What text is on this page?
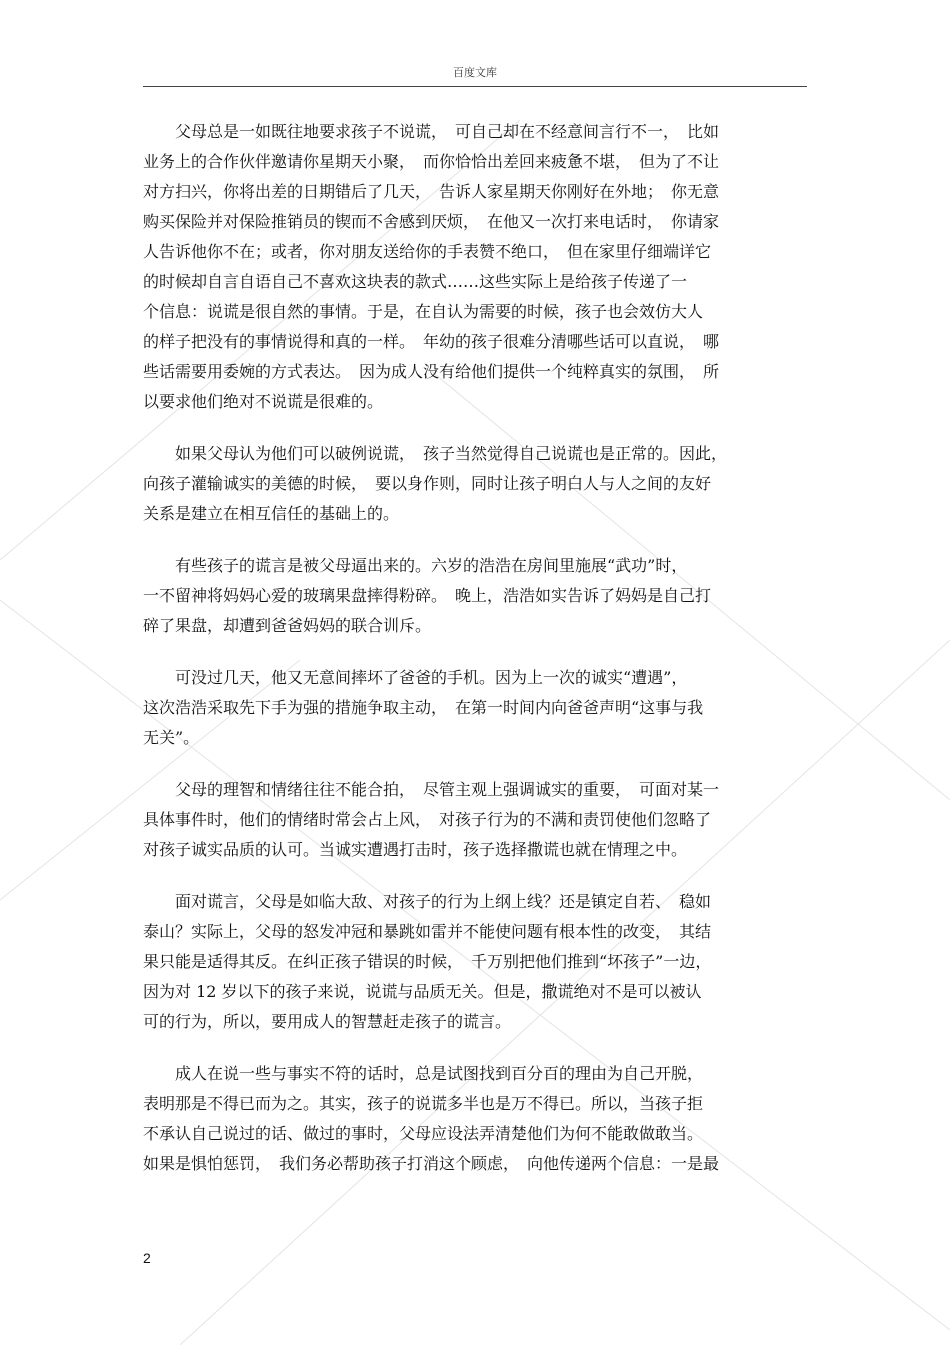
百度文库
　　父母总是一如既往地要求孩子不说谎，　可自己却在不经意间言行不一，　比如
业务上的合作伙伴邀请你星期天小聚，　而你恰恰出差回来疲惫不堪，　但为了不让
对方扫兴，你将出差的日期错后了几天，　告诉人家星期天你刚好在外地；　你无意
购买保险并对保险推销员的锲而不舍感到厌烦，　在他又一次打来电话时，　你请家
人告诉他你不在；或者，你对朋友送给你的手表赞不绝口，　但在家里仔细端详它
的时候却自言自语自己不喜欢这块表的款式……这些实际上是给孩子传递了一
个信息：说谎是很自然的事情。于是，在自认为需要的时候，孩子也会效仿大人
的样子把没有的事情说得和真的一样。　年幼的孩子很难分清哪些话可以直说，　哪
些话需要用委婉的方式表达。　因为成人没有给他们提供一个纯粹真实的氛围，　所
以要求他们绝对不说谎是很难的。
　　如果父母认为他们可以破例说谎，　孩子当然觉得自己说谎也是正常的。因此，
向孩子灌输诚实的美德的时候，　要以身作则，同时让孩子明白人与人之间的友好
关系是建立在相互信任的基础上的。
　　有些孩子的谎言是被父母逼出来的。六岁的浩浩在房间里施展“武功”时，
一不留神将妈妈心爱的玻璃果盘摔得粉碎。　晚上，浩浩如实告诉了妈妈是自己打
碎了果盘，却遭到爸爸妈妈的联合训斥。
　　可没过几天，他又无意间摔坏了爸爸的手机。因为上一次的诚实“遭遇”，
这次浩浩采取先下手为强的措施争取主动，　在第一时间内向爸爸声明“这事与我
无关”。
　　父母的理智和情绪往往不能合拍，　尽管主观上强调诚实的重要，　可面对某一
具体事件时，他们的情绪时常会占上风，　对孩子行为的不满和责罚使他们忽略了
对孩子诚实品质的认可。当诚实遭遇打击时，孩子选择撒谎也就在情理之中。
　　面对谎言，父母是如临大敌、对孩子的行为上纲上线？还是镇定自若、　稳如
泰山？实际上，父母的怒发冲冠和暴跳如雷并不能使问题有根本性的改变，　其结
果只能是适得其反。在纠正孩子错误的时候，　千万别把他们推到“坏孩子”一边，
因为对 12 岁以下的孩子来说，说谎与品质无关。但是，撒谎绝对不是可以被认
可的行为，所以，要用成人的智慧赶走孩子的谎言。
　　成人在说一些与事实不符的话时，总是试图找到百分百的理由为自己开脱，
表明那是不得已而为之。其实，孩子的说谎多半也是万不得已。所以，当孩子拒
不承认自己说过的话、做过的事时，父母应设法弄清楚他们为何不能敢做敢当。
如果是惧怕惩罚，　我们务必帮助孩子打消这个顾虑，　向他传递两个信息：一是最
2
